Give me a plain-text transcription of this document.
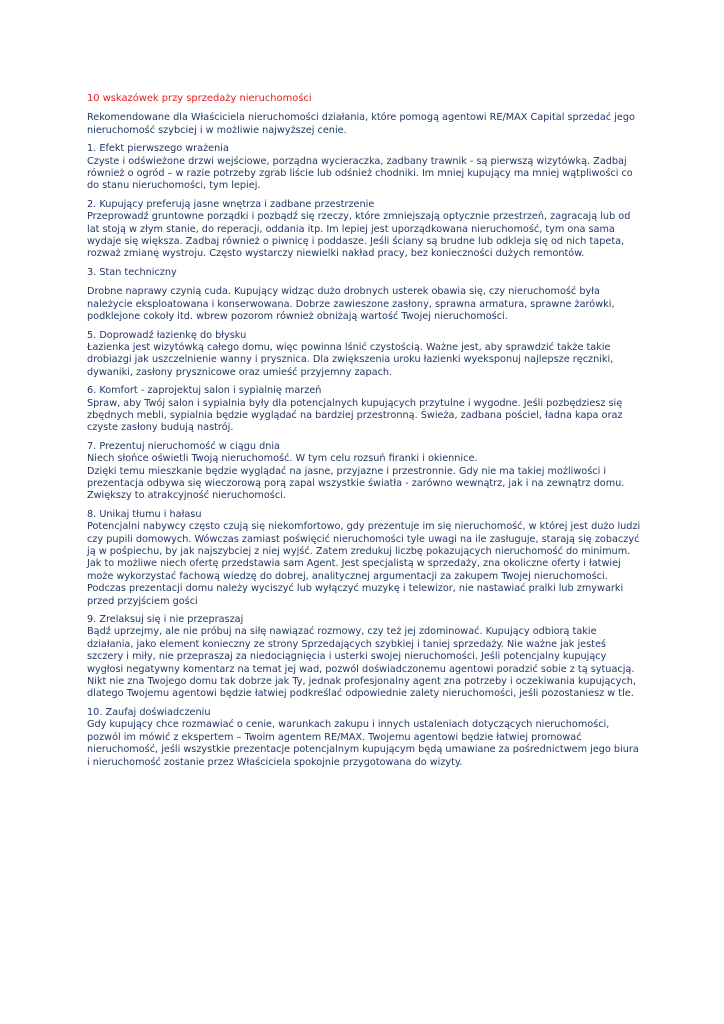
10 wskazówek przy sprzedaży nieruchomości
Rekomendowane dla Właściciela nieruchomości działania, które pomogą agentowi RE/MAX Capital sprzedać jego nieruchomość szybciej i w możliwie najwyższej cenie.
1. Efekt pierwszego wrażenia

Czyste i odświeżone drzwi wejściowe, porządna wycieraczka, zadbany trawnik - są pierwszą wizytówką. Zadbaj również o ogród – w razie potrzeby zgrab liście lub odśnież chodniki. Im mniej kupujący ma mniej wątpliwości co do stanu nieruchomości, tym lepiej.

2. Kupujący preferują jasne wnętrza i zadbane przestrzenie

Przeprowadź gruntowne porządki i pozbądź się rzeczy, które zmniejszają optycznie przestrzeń, zagracają lub od lat stoją w złym stanie, do reperacji, oddania itp. Im lepiej jest uporządkowana nieruchomość, tym ona sama wydaje się większa. Zadbaj również o piwnicę i poddasze. Jeśli ściany są brudne lub odkleja się od nich tapeta, rozważ zmianę wystroju. Często wystarczy niewielki nakład pracy, bez konieczności dużych remontów.

3. Stan techniczny

Drobne naprawy czynią cuda. Kupujący widząc dużo drobnych usterek obawia się, czy nieruchomość była należycie eksploatowana i konserwowana. Dobrze zawieszone zasłony, sprawna armatura, sprawne żarówki, podklejone cokoły itd. wbrew pozorom również obniżają wartość Twojej nieruchomości.

5. Doprowadź łazienkę do błysku

Łazienka jest wizytówką całego domu, więc powinna lśnić czystością. Ważne jest, aby sprawdzić także takie drobiazgi jak uszczelnienie wanny i prysznica. Dla zwiększenia uroku łazienki wyeksponuj najlepsze ręczniki, dywaniki, zasłony prysznicowe oraz umieść przyjemny zapach.

6. Komfort - zaprojektuj salon i sypialnię marzeń

Spraw, aby Twój salon i sypialnia były dla potencjalnych kupujących przytulne i wygodne. Jeśli pozbędziesz się zbędnych mebli, sypialnia będzie wyglądać na bardziej przestronną. Świeża, zadbana pościel, ładna kapa oraz czyste zasłony budują nastrój.

7. Prezentuj nieruchomość w ciągu dnia

Niech słońce oświetli Twoją nieruchomość. W tym celu rozsuń firanki i okiennice.

Dzięki temu mieszkanie będzie wyglądać na jasne, przyjazne i przestronnie. Gdy nie ma takiej możliwości i prezentacja odbywa się wieczorową porą zapal wszystkie światła - zarówno wewnątrz, jak i na zewnątrz domu. Zwiększy to atrakcyjność nieruchomości.

8. Unikaj tłumu i hałasu

Potencjalni nabywcy często czują się niekomfortowo, gdy prezentuje im się nieruchomość, w której jest dużo ludzi czy pupili domowych. Wówczas zamiast poświęcić nieruchomości tyle uwagi na ile zasługuje, starają się zobaczyć ją w pośpiechu, by jak najszybciej z niej wyjść. Zatem zredukuj liczbę pokazujących nieruchomość do minimum. Jak to możliwe niech ofertę przedstawia sam Agent. Jest specjalistą w sprzedaży, zna okoliczne oferty i łatwiej może wykorzystać fachową wiedzę do dobrej, analitycznej argumentacji za zakupem Twojej nieruchomości. Podczas prezentacji domu należy wyciszyć lub wyłączyć muzykę i telewizor, nie nastawiać pralki lub zmywarki przed przyjściem gości

9. Zrelaksuj się i nie przepraszaj

Bądź uprzejmy, ale nie próbuj na siłę nawiązać rozmowy, czy też jej zdominować. Kupujący odbiorą takie działania, jako element konieczny ze strony Sprzedających szybkiej i taniej sprzedaży. Nie ważne jak jesteś szczery i miły, nie przepraszaj za niedociągnięcia i usterki swojej nieruchomości. Jeśli potencjalny kupujący wygłosi negatywny komentarz na temat jej wad, pozwól doświadczonemu agentowi poradzić sobie z tą sytuacją.

Nikt nie zna Twojego domu tak dobrze jak Ty, jednak profesjonalny agent zna potrzeby i oczekiwania kupujących, dlatego Twojemu agentowi będzie łatwiej podkreślać odpowiednie zalety nieruchomości, jeśli pozostaniesz w tle.

10. Zaufaj doświadczeniu

Gdy kupujący chce rozmawiać o cenie, warunkach zakupu i innych ustaleniach dotyczących nieruchomości, pozwól im mówić z ekspertem – Twoim agentem RE/MAX. Twojemu agentowi będzie łatwiej promować nieruchomość, jeśli wszystkie prezentacje potencjalnym kupującym będą umawiane za pośrednictwem jego biura i nieruchomość zostanie przez Właściciela spokojnie przygotowana do wizyty.
